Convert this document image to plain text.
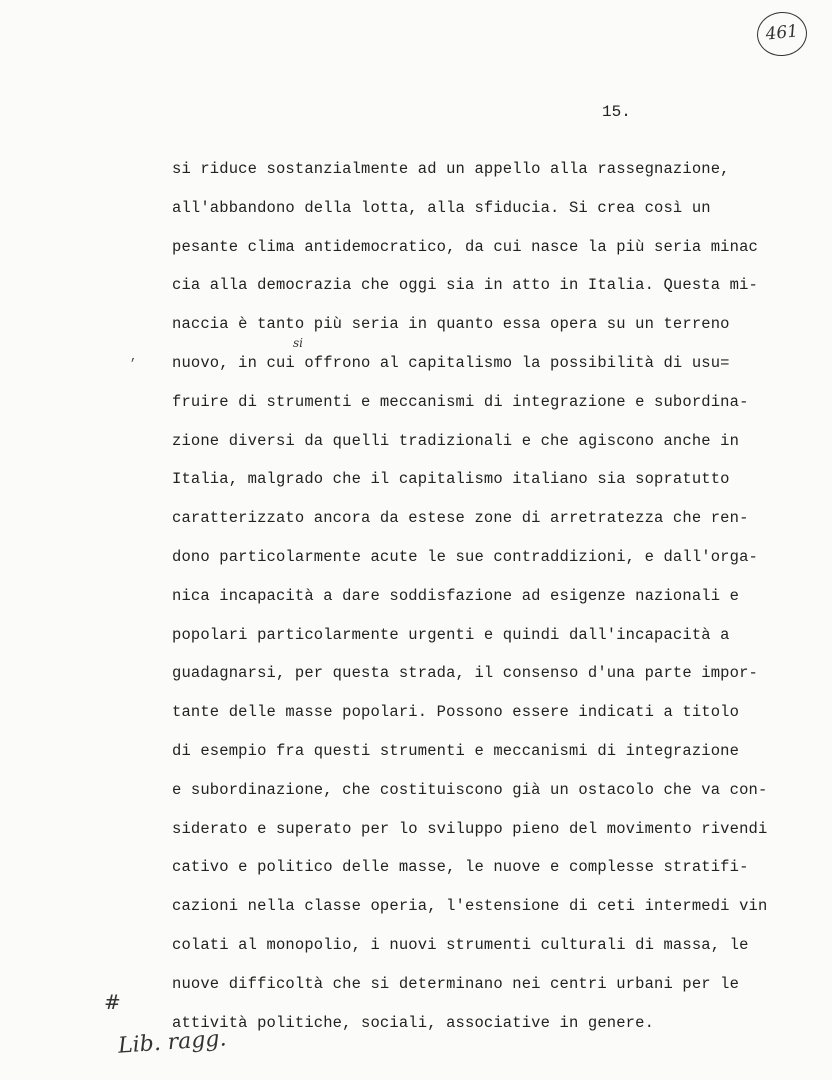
461
15.
si
,
si riduce sostanzialmente ad un appello alla rassegnazione,
all'abbandono della lotta, alla sfiducia. Si crea così un
pesante clima antidemocratico, da cui nasce la più seria minac
cia alla democrazia che oggi sia in atto in Italia. Questa mi-
naccia è tanto più seria in quanto essa opera su un terreno
nuovo, in cui offrono al capitalismo la possibilità di usu=
fruire di strumenti e meccanismi di integrazione e subordina-
zione diversi da quelli tradizionali e che agiscono anche in
Italia, malgrado che il capitalismo italiano sia sopratutto
caratterizzato ancora da estese zone di arretratezza che ren-
dono particolarmente acute le sue contraddizioni, e dall'orga-
nica incapacità a dare soddisfazione ad esigenze nazionali e
popolari particolarmente urgenti e quindi dall'incapacità a
guadagnarsi, per questa strada, il consenso d'una parte impor-
tante delle masse popolari. Possono essere indicati a titolo
di esempio fra questi strumenti e meccanismi di integrazione
e subordinazione, che costituiscono già un ostacolo che va con-
siderato e superato per lo sviluppo pieno del movimento rivendi
cativo e politico delle masse, le nuove e complesse stratifi-
cazioni nella classe operia, l'estensione di ceti intermedi vin
colati al monopolio, i nuovi strumenti culturali di massa, le
nuove difficoltà che si determinano nei centri urbani per le
attività politiche, sociali, associative in genere.
#
Lib. ragg.
